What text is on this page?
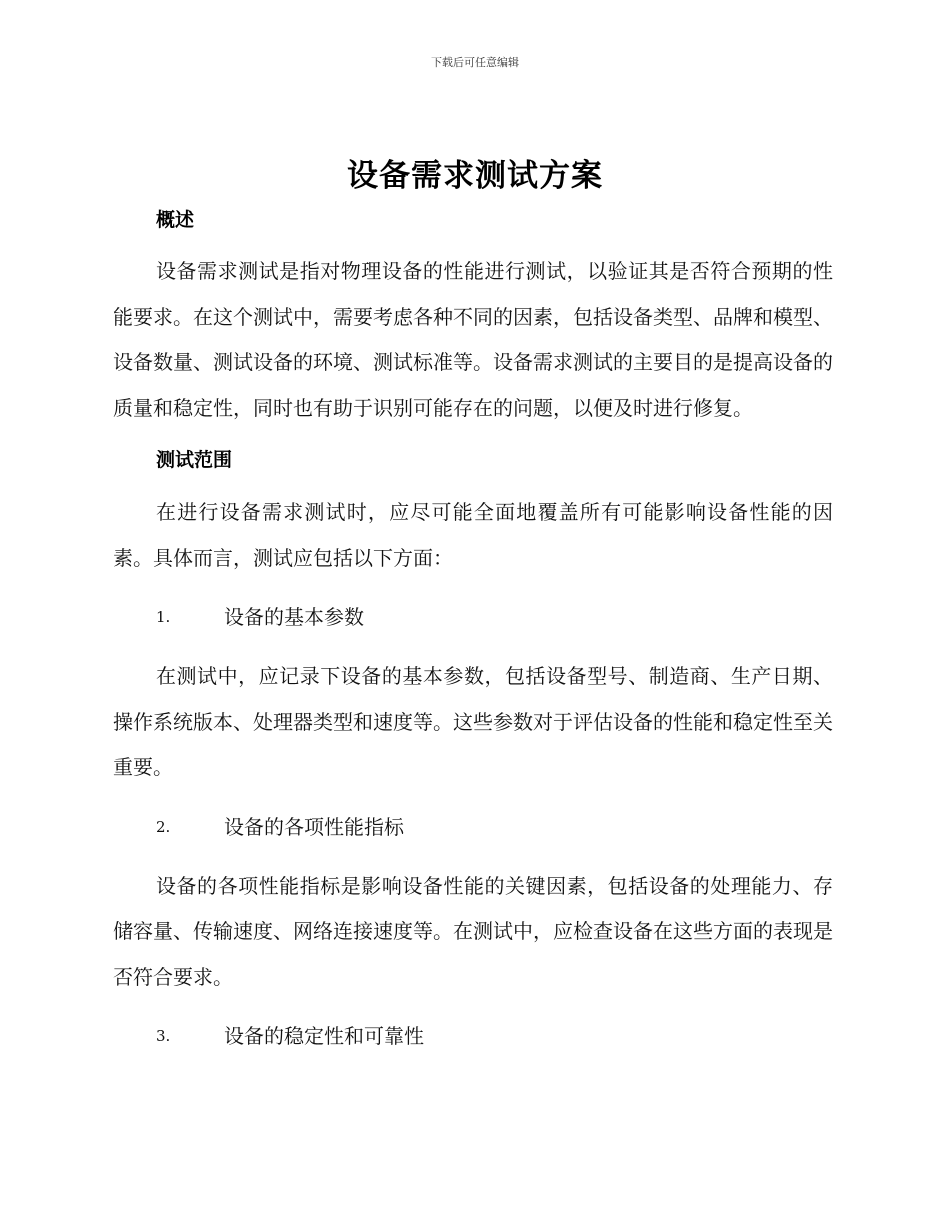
下载后可任意编辑
设备需求测试方案
概述

设备需求测试是指对物理设备的性能进行测试，以验证其是否符合预期的性能要求。在这个测试中，需要考虑各种不同的因素，包括设备类型、品牌和模型、设备数量、测试设备的环境、测试标准等。设备需求测试的主要目的是提高设备的质量和稳定性，同时也有助于识别可能存在的问题，以便及时进行修复。

测试范围

在进行设备需求测试时，应尽可能全面地覆盖所有可能影响设备性能的因素。具体而言，测试应包括以下方面：

1.	设备的基本参数

在测试中，应记录下设备的基本参数，包括设备型号、制造商、生产日期、操作系统版本、处理器类型和速度等。这些参数对于评估设备的性能和稳定性至关重要。

2.	设备的各项性能指标

设备的各项性能指标是影响设备性能的关键因素，包括设备的处理能力、存储容量、传输速度、网络连接速度等。在测试中，应检查设备在这些方面的表现是否符合要求。

3.	设备的稳定性和可靠性
